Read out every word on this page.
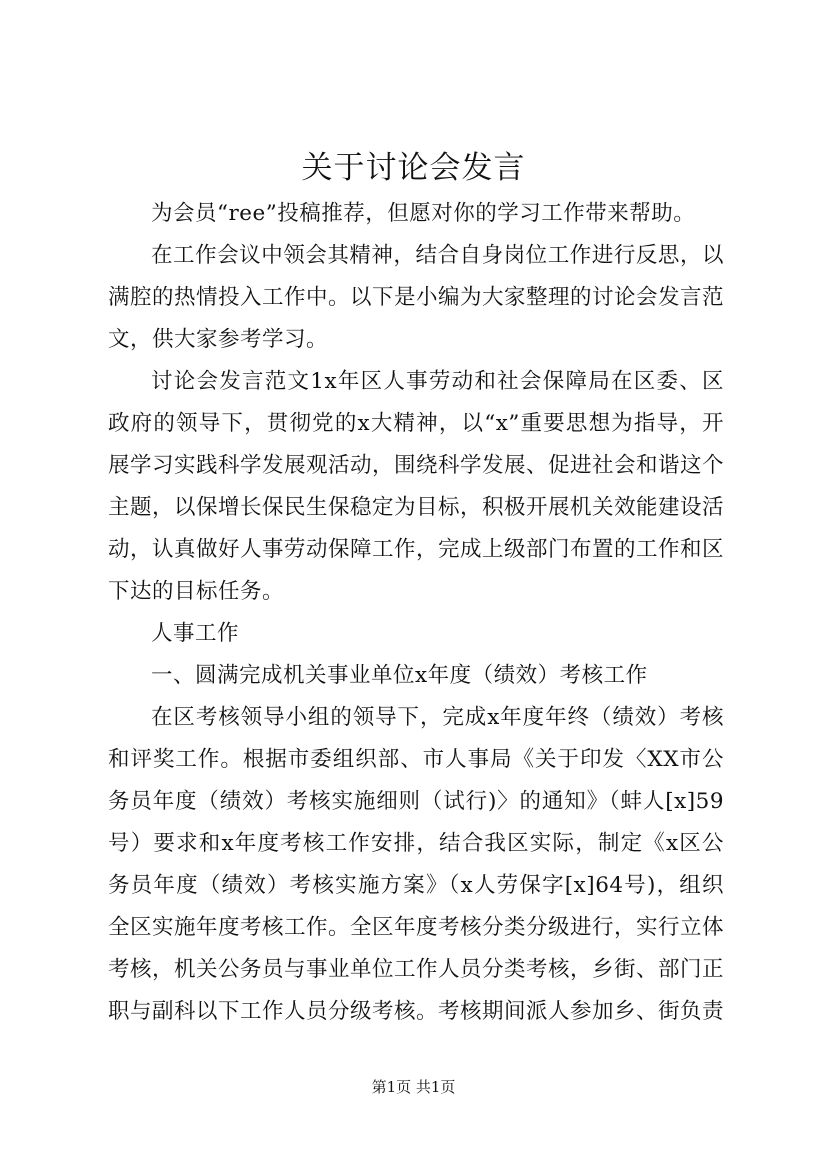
关于讨论会发言

为会员“ree”投稿推荐，但愿对你的学习工作带来帮助。

在工作会议中领会其精神，结合自身岗位工作进行反思，以满腔的热情投入工作中。以下是小编为大家整理的讨论会发言范文，供大家参考学习。

讨论会发言范文1x年区人事劳动和社会保障局在区委、区政府的领导下，贯彻党的x大精神，以“x”重要思想为指导，开展学习实践科学发展观活动，围绕科学发展、促进社会和谐这个主题，以保增长保民生保稳定为目标，积极开展机关效能建设活动，认真做好人事劳动保障工作，完成上级部门布置的工作和区下达的目标任务。

人事工作

一、圆满完成机关事业单位x年度（绩效）考核工作

在区考核领导小组的领导下，完成x年度年终（绩效）考核和评奖工作。根据市委组织部、市人事局《关于印发〈XX市公务员年度（绩效）考核实施细则（试行)〉的通知》（蚌人[x]59号）要求和x年度考核工作安排，结合我区实际，制定《x区公务员年度（绩效）考核实施方案》（x人劳保字[x]64号)，组织全区实施年度考核工作。全区年度考核分类分级进行，实行立体考核，机关公务员与事业单位工作人员分类考核，乡街、部门正职与副科以下工作人员分级考核。考核期间派人参加乡、街负责

第1页 共1页
